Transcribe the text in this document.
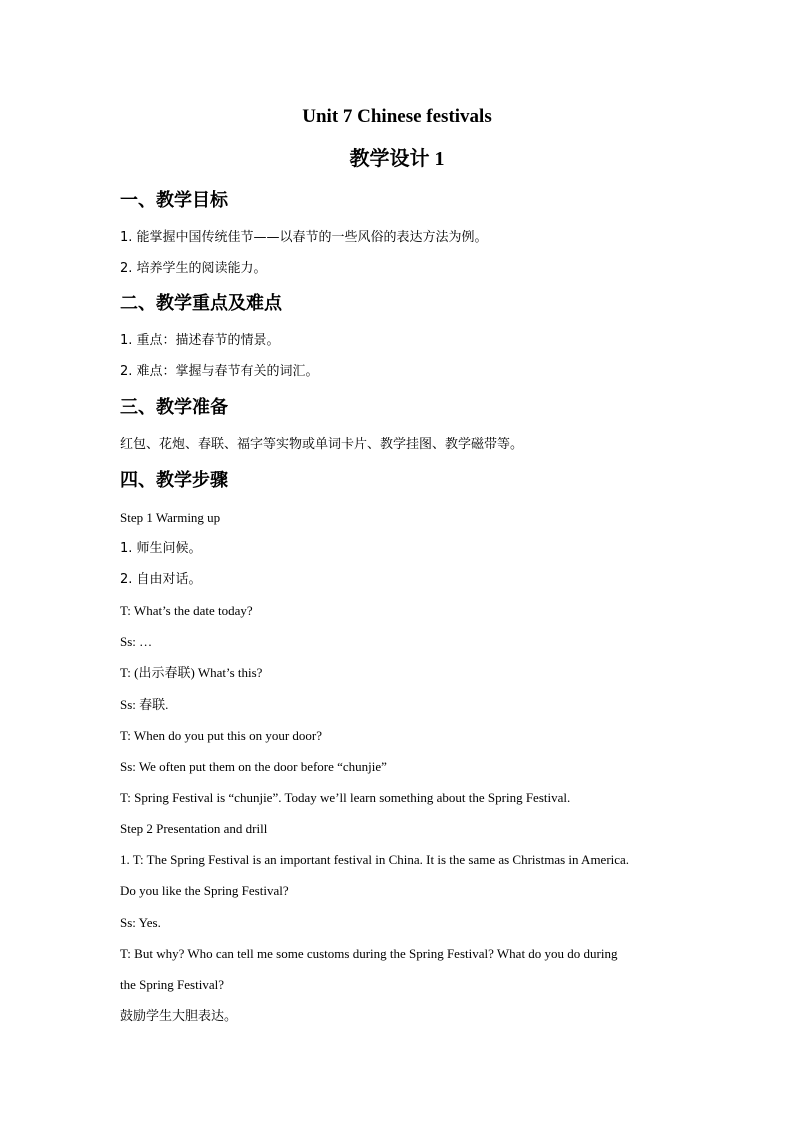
Unit 7 Chinese festivals
教学设计 1
一、教学目标
1. 能掌握中国传统佳节——以春节的一些风俗的表达方法为例。
2. 培养学生的阅读能力。
二、教学重点及难点
1. 重点：描述春节的情景。
2. 难点：掌握与春节有关的词汇。
三、教学准备
红包、花炮、春联、福字等实物或单词卡片、教学挂图、教学磁带等。
四、教学步骤
Step 1 Warming up
1. 师生问候。
2. 自由对话。
T: What’s the date today?
Ss: …
T: (出示春联) What’s this?
Ss: 春联.
T: When do you put this on your door?
Ss: We often put them on the door before “chunjie”
T: Spring Festival is “chunjie”. Today we’ll learn something about the Spring Festival.
Step 2 Presentation and drill
1. T: The Spring Festival is an important festival in China. It is the same as Christmas in America.
Do you like the Spring Festival?
Ss: Yes.
T: But why? Who can tell me some customs during the Spring Festival? What do you do during
the Spring Festival?
鼓励学生大胆表达。
